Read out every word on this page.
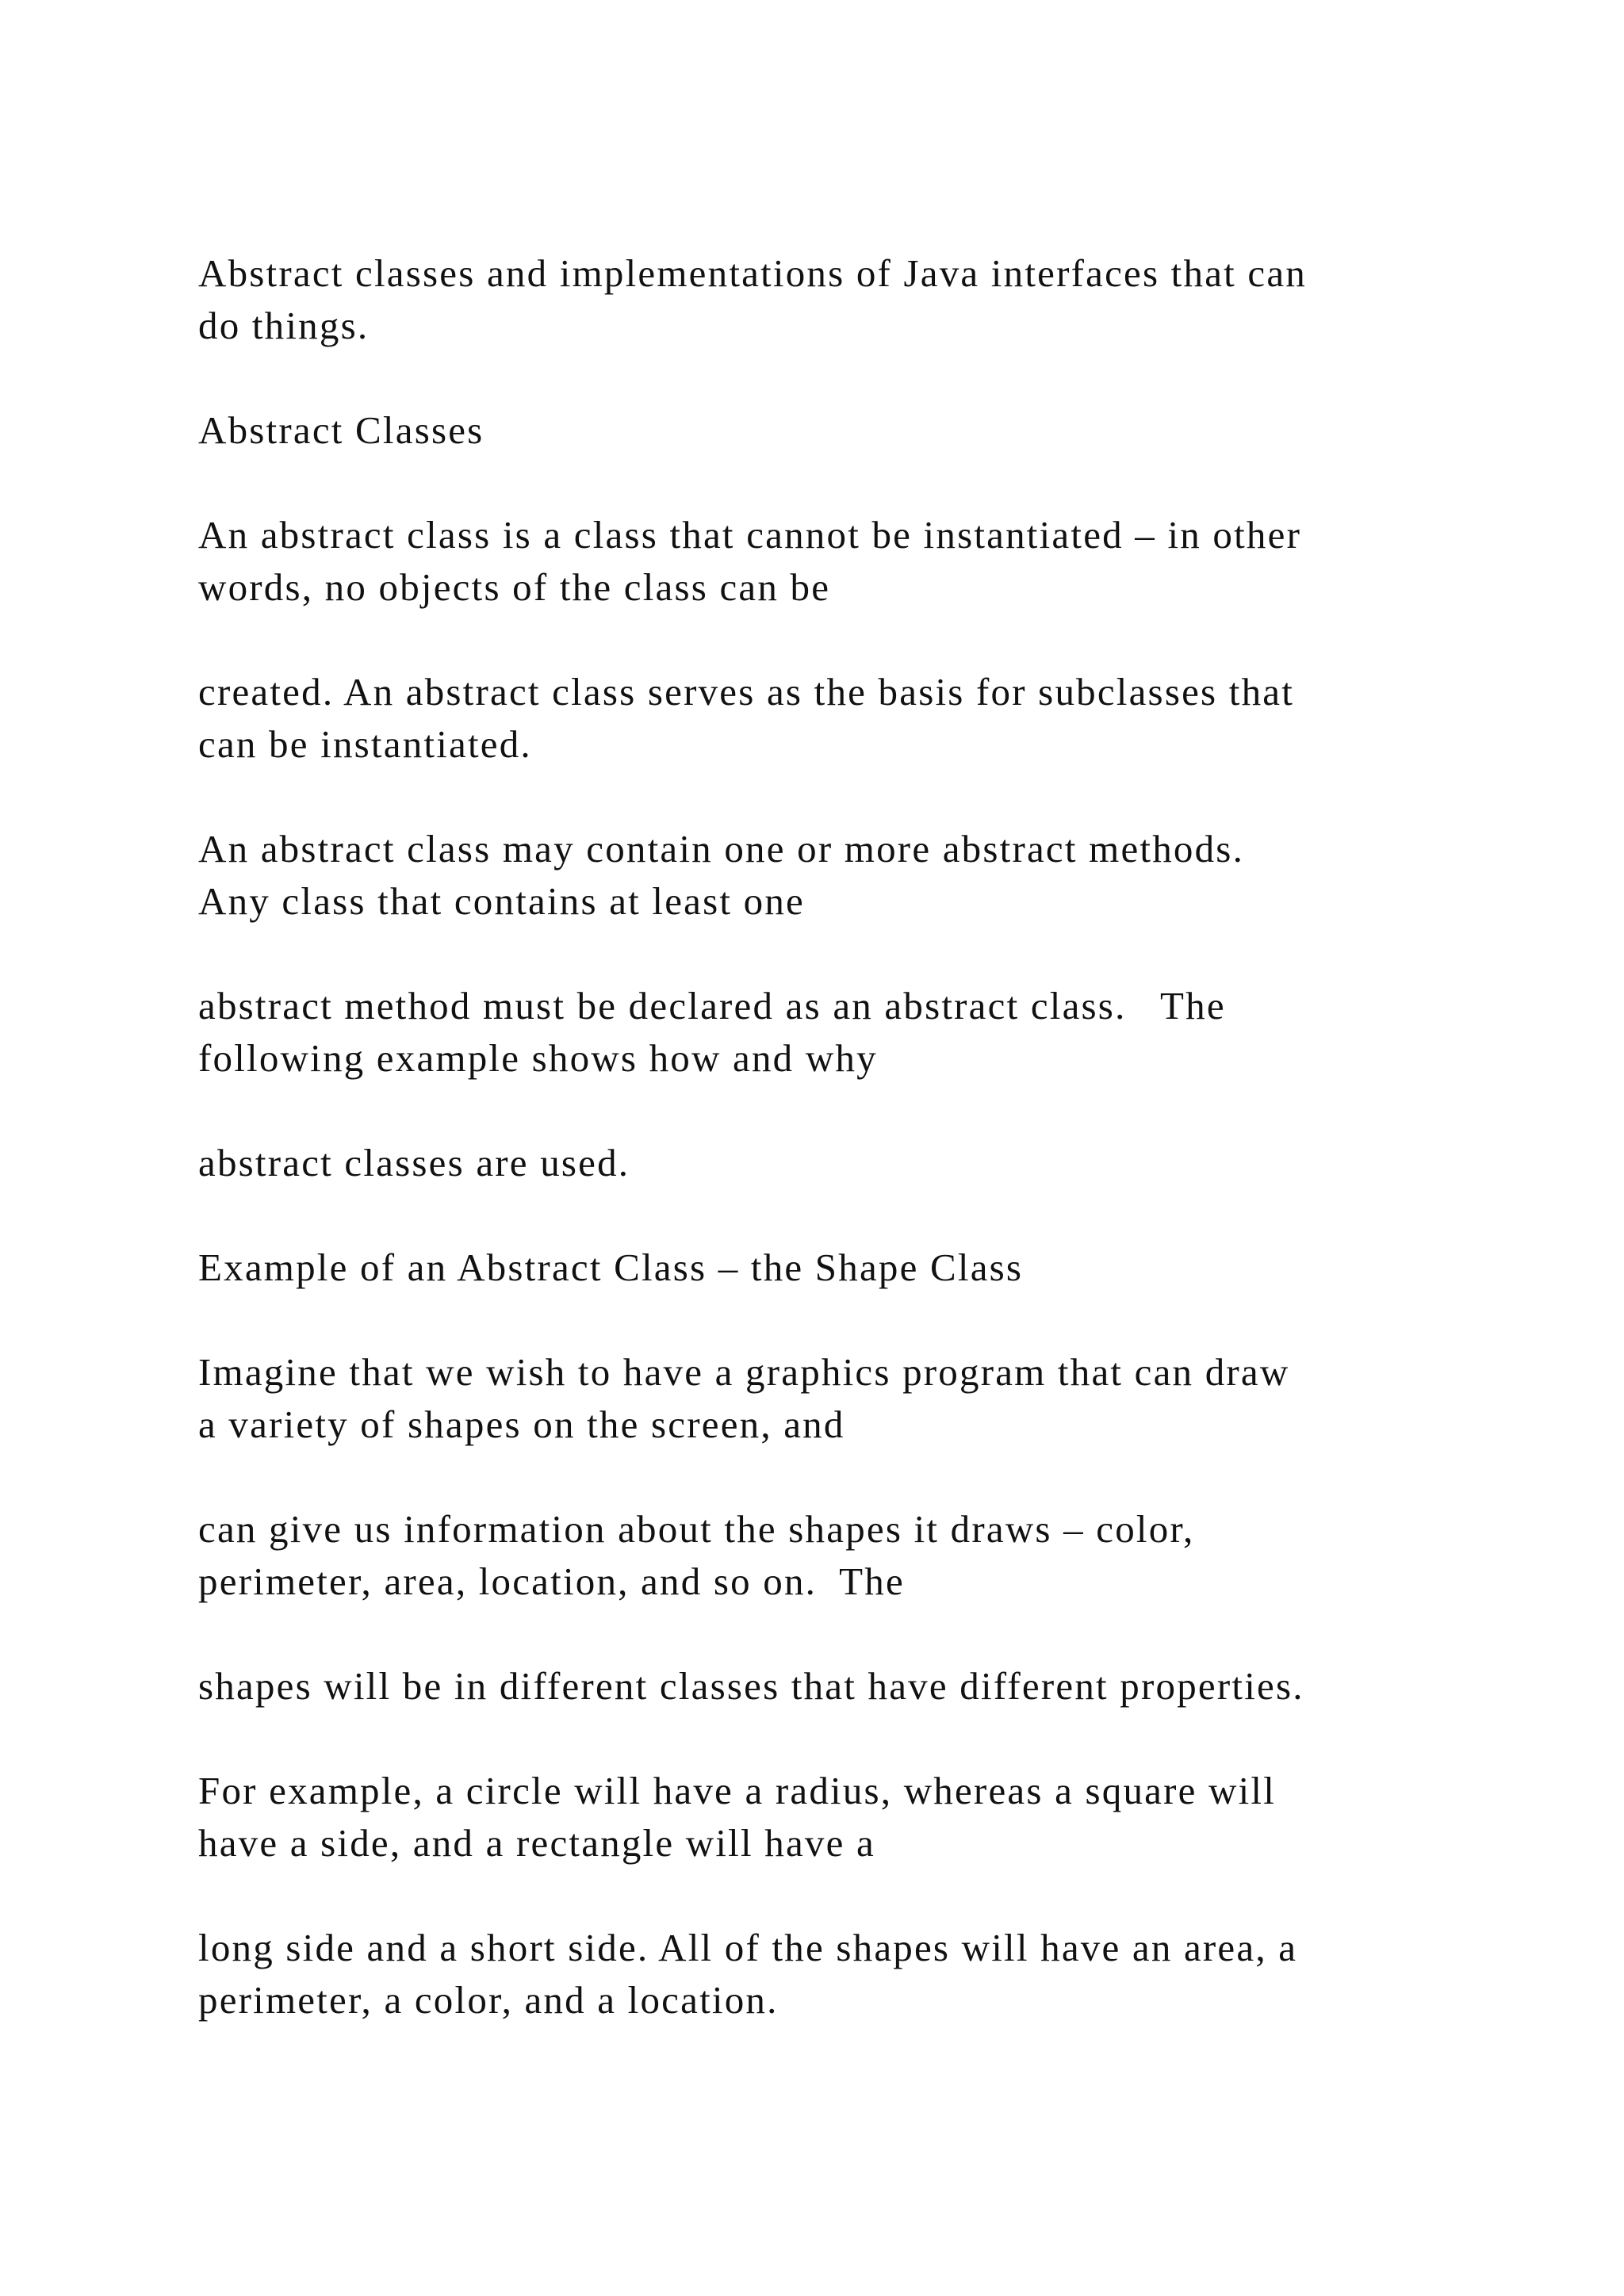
Abstract classes and implementations of Java interfaces that can
do things.

Abstract Classes

An abstract class is a class that cannot be instantiated – in other
words, no objects of the class can be

created. An abstract class serves as the basis for subclasses that
can be instantiated.

An abstract class may contain one or more abstract methods.
Any class that contains at least one

abstract method must be declared as an abstract class.   The
following example shows how and why

abstract classes are used.

Example of an Abstract Class – the Shape Class

Imagine that we wish to have a graphics program that can draw
a variety of shapes on the screen, and

can give us information about the shapes it draws – color,
perimeter, area, location, and so on.  The

shapes will be in different classes that have different properties.

For example, a circle will have a radius, whereas a square will
have a side, and a rectangle will have a

long side and a short side. All of the shapes will have an area, a
perimeter, a color, and a location.
